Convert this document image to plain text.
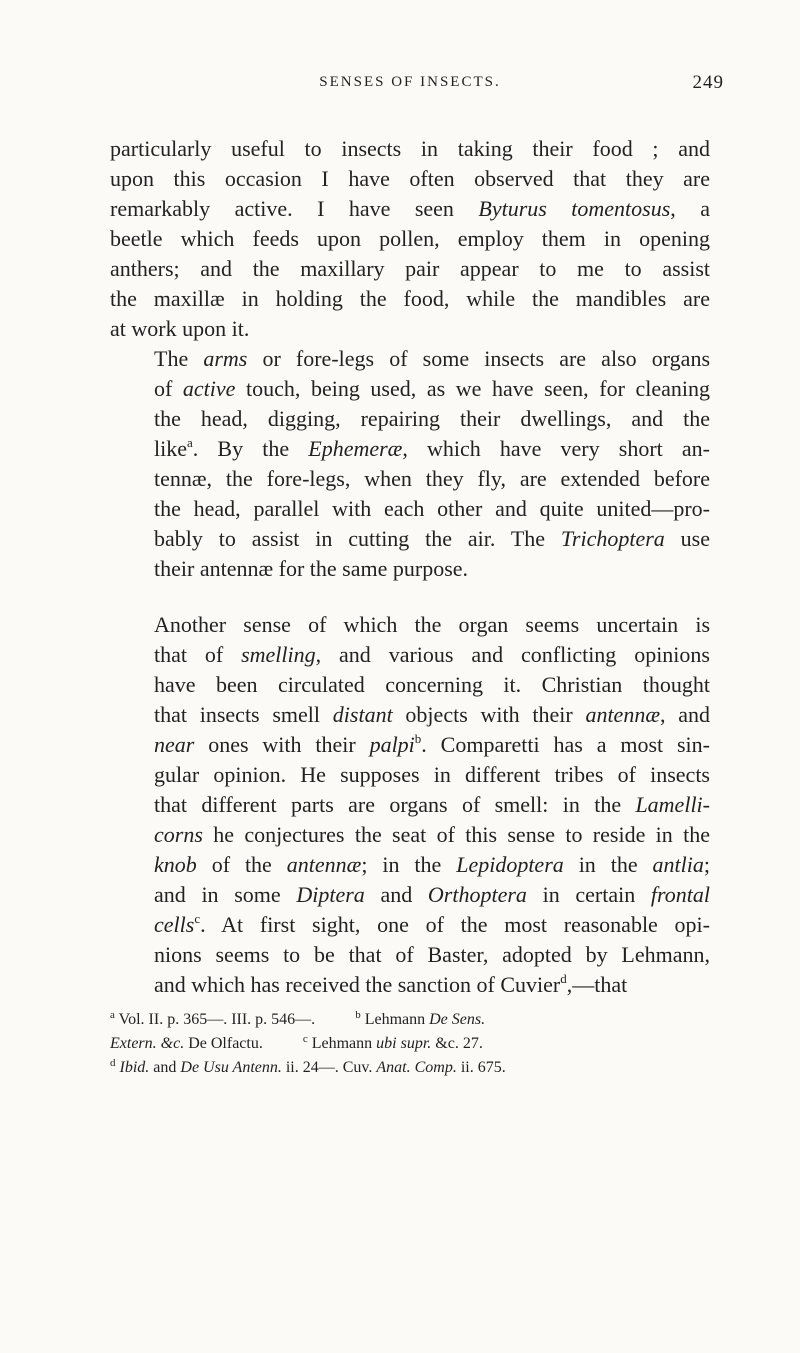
SENSES OF INSECTS.	249

particularly useful to insects in taking their food ; and
upon this occasion I have often observed that they are
remarkably active. I have seen Byturus tomentosus, a
beetle which feeds upon pollen, employ them in opening
anthers; and the maxillary pair appear to me to assist
the maxillæ in holding the food, while the mandibles are
at work upon it.

The arms or fore-legs of some insects are also organs
of active touch, being used, as we have seen, for cleaning
the head, digging, repairing their dwellings, and the
like$^a$. By the Ephemeræ, which have very short an-
tennæ, the fore-legs, when they fly, are extended before
the head, parallel with each other and quite united—pro-
bably to assist in cutting the air. The Trichoptera use
their antennæ for the same purpose.

Another sense of which the organ seems uncertain is
that of smelling, and various and conflicting opinions
have been circulated concerning it. Christian thought
that insects smell distant objects with their antennæ, and
near ones with their palpi$^b$. Comparetti has a most sin-
gular opinion. He supposes in different tribes of insects
that different parts are organs of smell: in the Lamelli-
corns he conjectures the seat of this sense to reside in the
knob of the antennæ; in the Lepidoptera in the antlia;
and in some Diptera and Orthoptera in certain frontal
cells$^c$. At first sight, one of the most reasonable opi-
nions seems to be that of Baster, adopted by Lehmann,
and which has received the sanction of Cuvier$^d$,—that

$^a$ Vol. II. p. 365—. III. p. 546—.	$^b$ Lehmann De Sens.
Extern. &c. De Olfactu.	$^c$ Lehmann ubi supr. &c. 27.
$^d$ Ibid. and De Usu Antenn. ii. 24—. Cuv. Anat. Comp. ii. 675.
